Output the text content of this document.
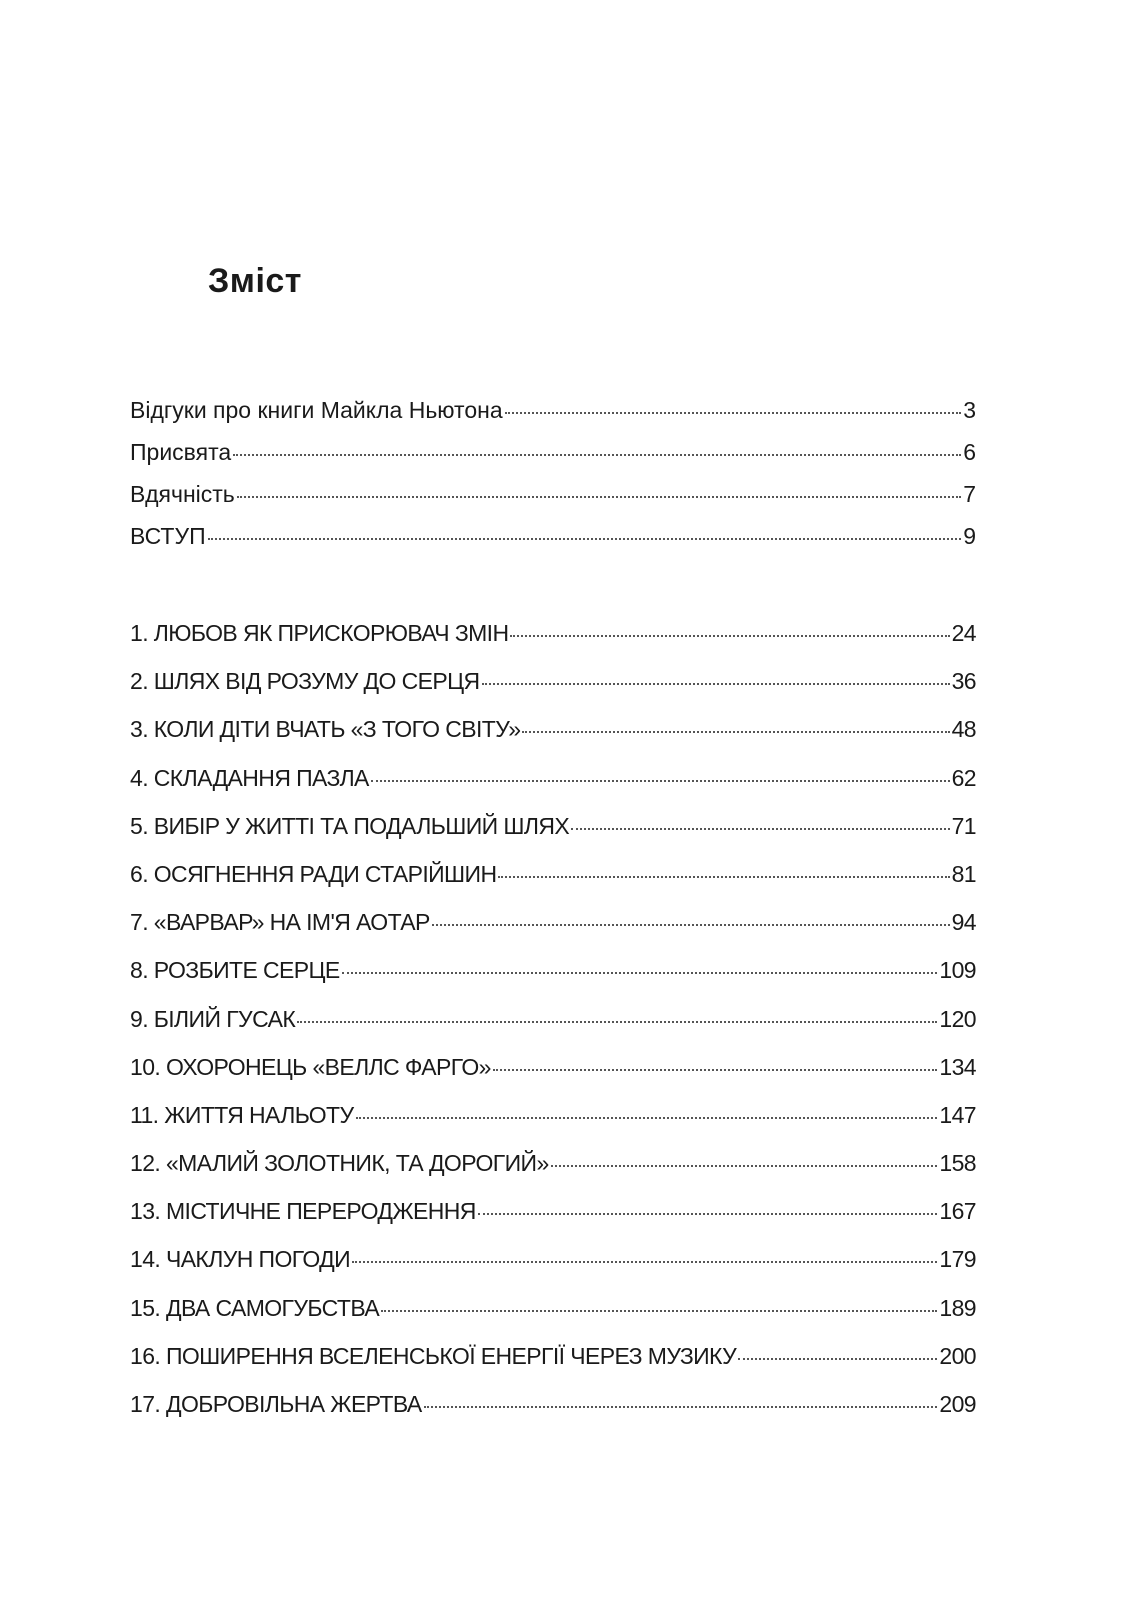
Зміст
Відгуки про книги Майкла Ньютона	3
Присвята	6
Вдячність	7
ВСТУП	9
1. ЛЮБОВ ЯК ПРИСКОРЮВАЧ ЗМІН	24
2. ШЛЯХ ВІД РОЗУМУ ДО СЕРЦЯ	36
3. КОЛИ ДІТИ ВЧАТЬ «З ТОГО СВІТУ»	48
4. СКЛАДАННЯ ПАЗЛА	62
5. ВИБІР У ЖИТТІ ТА ПОДАЛЬШИЙ ШЛЯХ	71
6. ОСЯГНЕННЯ РАДИ СТАРІЙШИН	81
7. «ВАРВАР» НА ІМ'Я АОТАР	94
8. РОЗБИТЕ СЕРЦЕ	109
9. БІЛИЙ ГУСАК	120
10. ОХОРОНЕЦЬ «ВЕЛЛС ФАРГО»	134
11. ЖИТТЯ НАЛЬОТУ	147
12. «МАЛИЙ ЗОЛОТНИК, ТА ДОРОГИЙ»	158
13. МІСТИЧНЕ ПЕРЕРОДЖЕННЯ	167
14. ЧАКЛУН ПОГОДИ	179
15. ДВА САМОГУБСТВА	189
16. ПОШИРЕННЯ ВСЕЛЕНСЬКОЇ ЕНЕРГІЇ ЧЕРЕЗ МУЗИКУ	200
17. ДОБРОВІЛЬНА ЖЕРТВА	209
